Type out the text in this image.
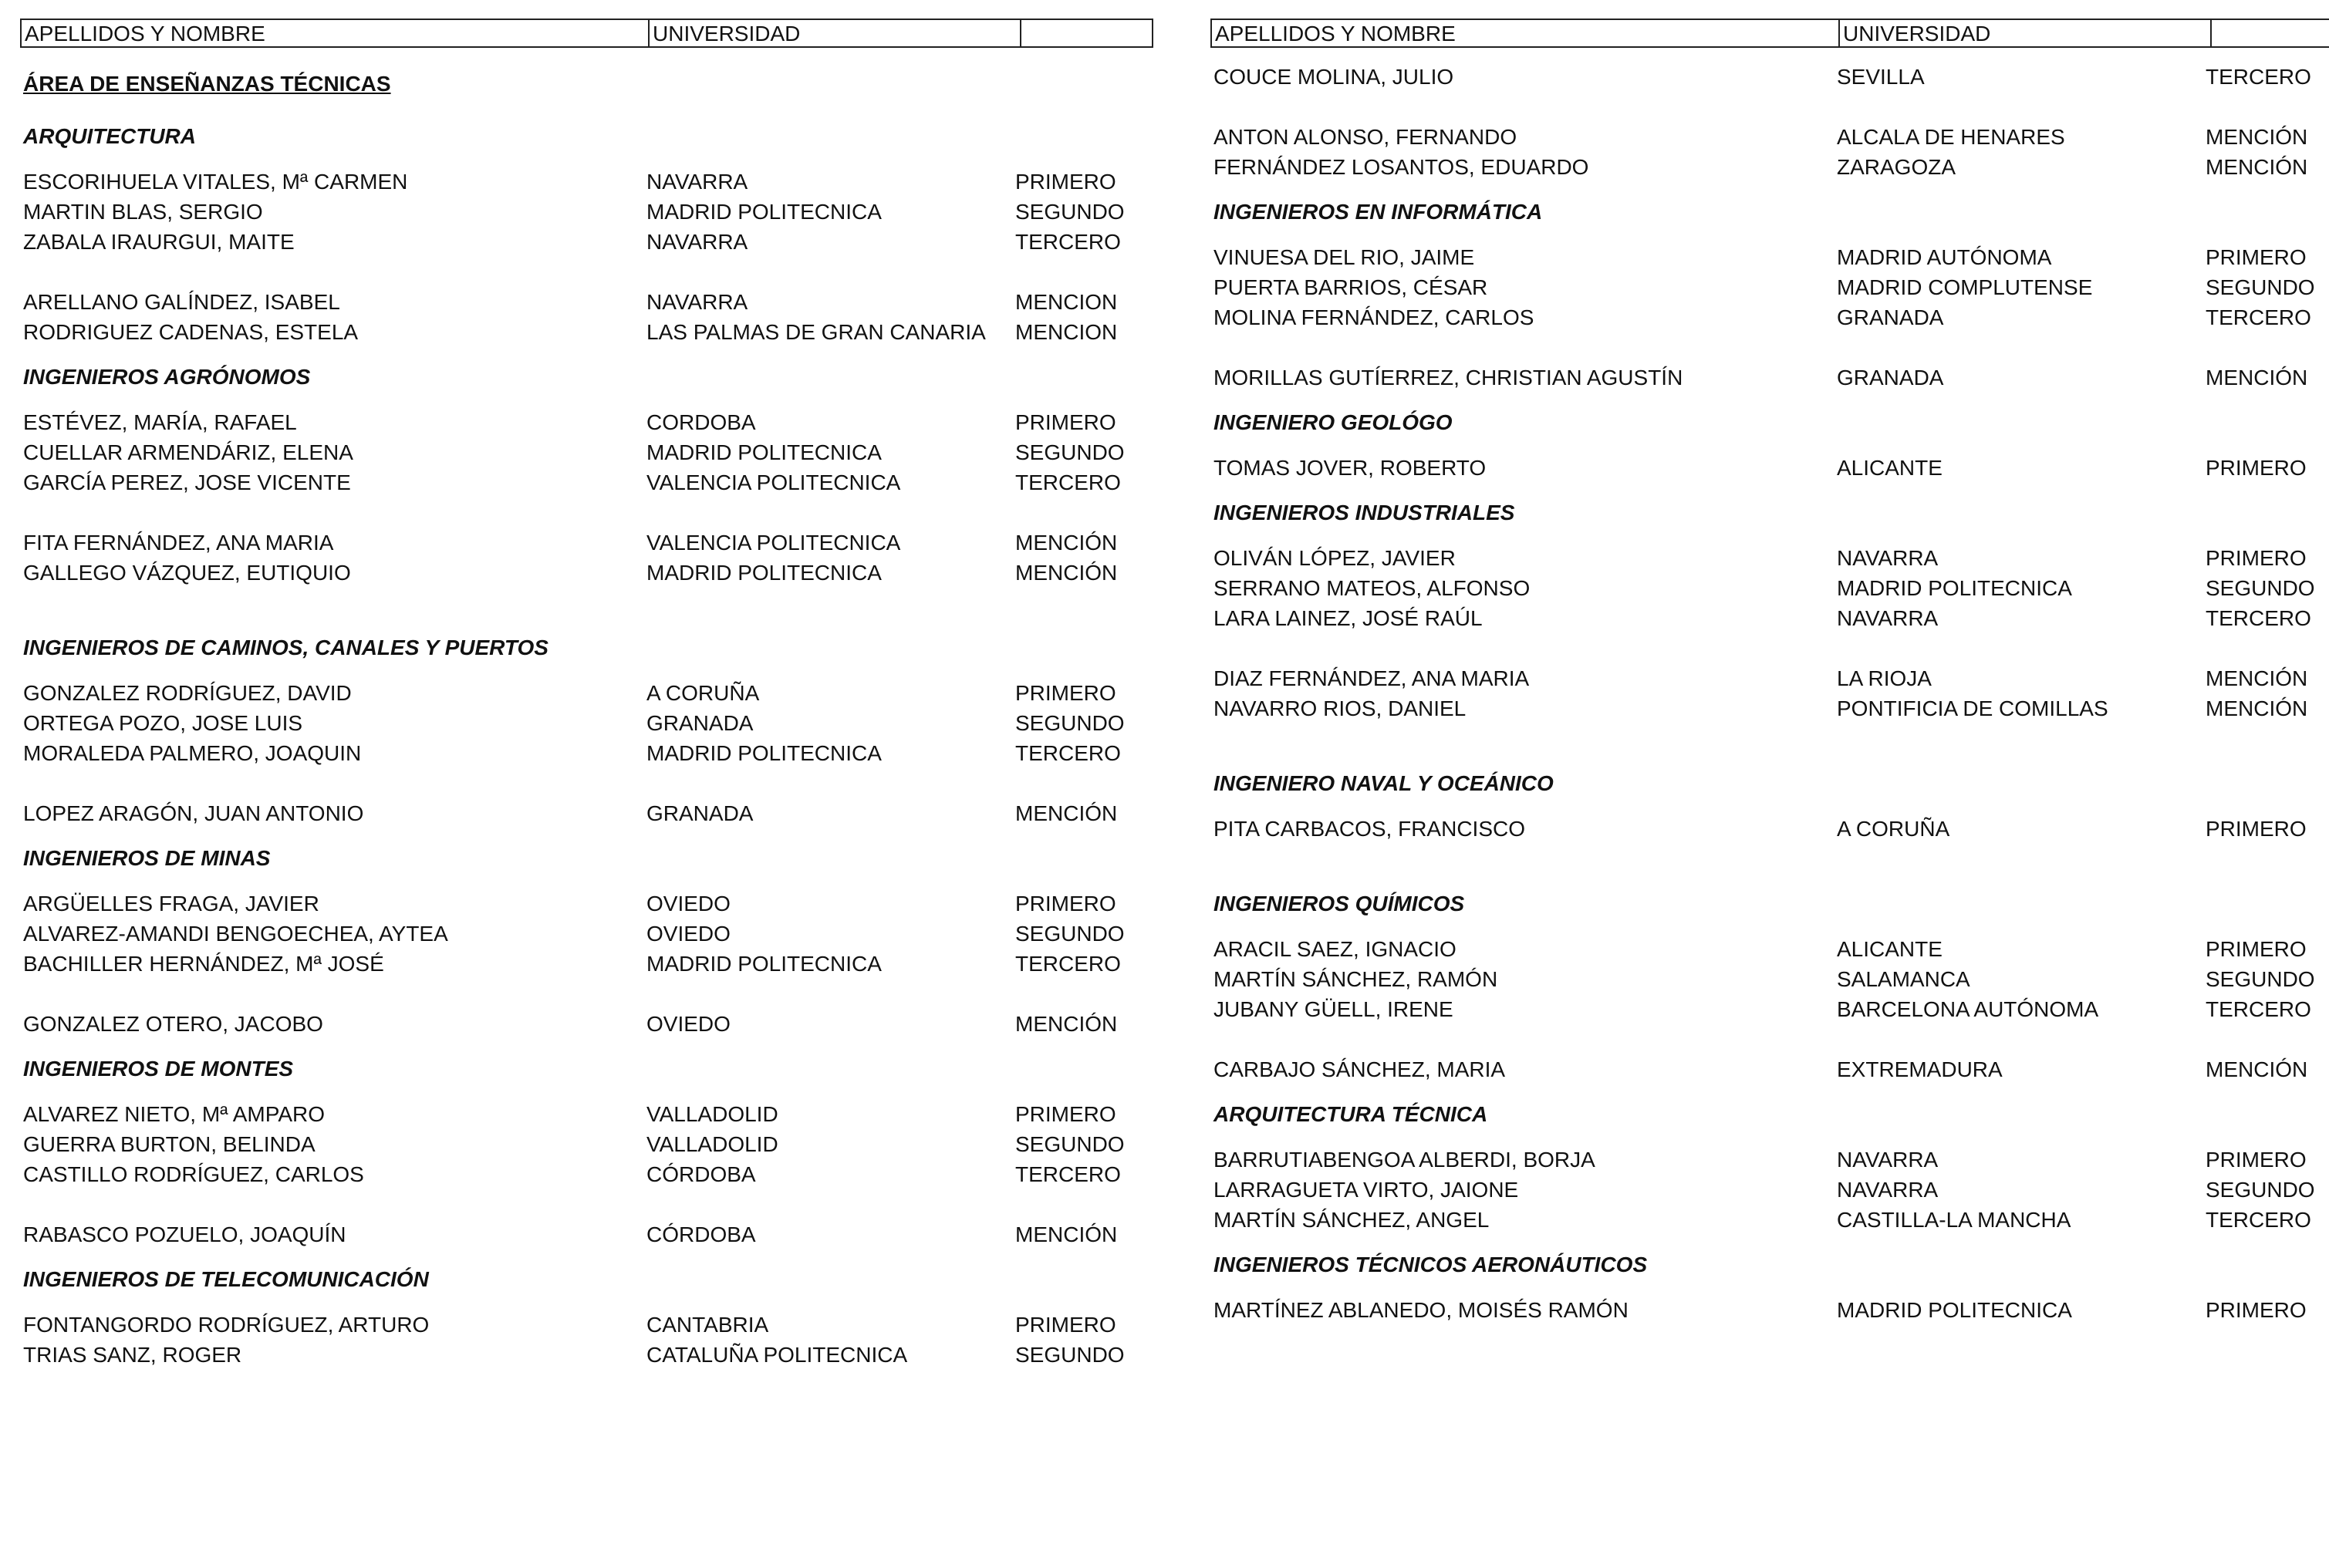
APELLIDOS Y NOMBRE	UNIVERSIDAD
ÁREA DE ENSEÑANZAS TÉCNICAS
ARQUITECTURA
ESCORIHUELA VITALES, Mª CARMEN	NAVARRA	PRIMERO
MARTIN BLAS, SERGIO	MADRID POLITECNICA	SEGUNDO
ZABALA IRAURGUI, MAITE	NAVARRA	TERCERO
ARELLANO GALÍNDEZ, ISABEL	NAVARRA	MENCION
RODRIGUEZ CADENAS, ESTELA	LAS PALMAS DE GRAN CANARIA	MENCION
INGENIEROS AGRÓNOMOS
ESTÉVEZ, MARÍA, RAFAEL	CORDOBA	PRIMERO
CUELLAR ARMENDÁRIZ, ELENA	MADRID POLITECNICA	SEGUNDO
GARCÍA PEREZ, JOSE VICENTE	VALENCIA POLITECNICA	TERCERO
FITA FERNÁNDEZ, ANA MARIA	VALENCIA POLITECNICA	MENCIÓN
GALLEGO VÁZQUEZ, EUTIQUIO	MADRID POLITECNICA	MENCIÓN
INGENIEROS DE CAMINOS, CANALES Y PUERTOS
GONZALEZ RODRÍGUEZ, DAVID	A CORUÑA	PRIMERO
ORTEGA POZO, JOSE LUIS	GRANADA	SEGUNDO
MORALEDA PALMERO, JOAQUIN	MADRID POLITECNICA	TERCERO
LOPEZ ARAGÓN, JUAN ANTONIO	GRANADA	MENCIÓN
INGENIEROS DE MINAS
ARGÜELLES FRAGA, JAVIER	OVIEDO	PRIMERO
ALVAREZ-AMANDI BENGOECHEA, AYTEA	OVIEDO	SEGUNDO
BACHILLER HERNÁNDEZ, Mª JOSÉ	MADRID POLITECNICA	TERCERO
GONZALEZ OTERO, JACOBO	OVIEDO	MENCIÓN
INGENIEROS DE MONTES
ALVAREZ NIETO, Mª AMPARO	VALLADOLID	PRIMERO
GUERRA BURTON, BELINDA	VALLADOLID	SEGUNDO
CASTILLO RODRÍGUEZ, CARLOS	CÓRDOBA	TERCERO
RABASCO POZUELO, JOAQUÍN	CÓRDOBA	MENCIÓN
INGENIEROS DE TELECOMUNICACIÓN
FONTANGORDO RODRÍGUEZ, ARTURO	CANTABRIA	PRIMERO
TRIAS SANZ, ROGER	CATALUÑA POLITECNICA	SEGUNDO
APELLIDOS Y NOMBRE	UNIVERSIDAD
COUCE MOLINA, JULIO	SEVILLA	TERCERO
ANTON ALONSO, FERNANDO	ALCALA DE HENARES	MENCIÓN
FERNÁNDEZ LOSANTOS, EDUARDO	ZARAGOZA	MENCIÓN
INGENIEROS EN INFORMÁTICA
VINUESA DEL RIO, JAIME	MADRID AUTÓNOMA	PRIMERO
PUERTA BARRIOS, CÉSAR	MADRID COMPLUTENSE	SEGUNDO
MOLINA FERNÁNDEZ, CARLOS	GRANADA	TERCERO
MORILLAS GUTÍERREZ, CHRISTIAN AGUSTÍN	GRANADA	MENCIÓN
INGENIERO GEOLÓGO
TOMAS JOVER, ROBERTO	ALICANTE	PRIMERO
INGENIEROS INDUSTRIALES
OLIVÁN LÓPEZ, JAVIER	NAVARRA	PRIMERO
SERRANO MATEOS, ALFONSO	MADRID POLITECNICA	SEGUNDO
LARA LAINEZ, JOSÉ RAÚL	NAVARRA	TERCERO
DIAZ FERNÁNDEZ, ANA MARIA	LA RIOJA	MENCIÓN
NAVARRO RIOS, DANIEL	PONTIFICIA DE COMILLAS	MENCIÓN
INGENIERO NAVAL Y OCEÁNICO
PITA CARBACOS, FRANCISCO	A CORUÑA	PRIMERO
INGENIEROS QUÍMICOS
ARACIL SAEZ, IGNACIO	ALICANTE	PRIMERO
MARTÍN SÁNCHEZ, RAMÓN	SALAMANCA	SEGUNDO
JUBANY GÜELL, IRENE	BARCELONA AUTÓNOMA	TERCERO
CARBAJO SÁNCHEZ, MARIA	EXTREMADURA	MENCIÓN
ARQUITECTURA TÉCNICA
BARRUTIABENGOA ALBERDI, BORJA	NAVARRA	PRIMERO
LARRAGUETA VIRTO, JAIONE	NAVARRA	SEGUNDO
MARTÍN SÁNCHEZ, ANGEL	CASTILLA-LA MANCHA	TERCERO
INGENIEROS TÉCNICOS AERONÁUTICOS
MARTÍNEZ ABLANEDO, MOISÉS RAMÓN	MADRID POLITECNICA	PRIMERO
